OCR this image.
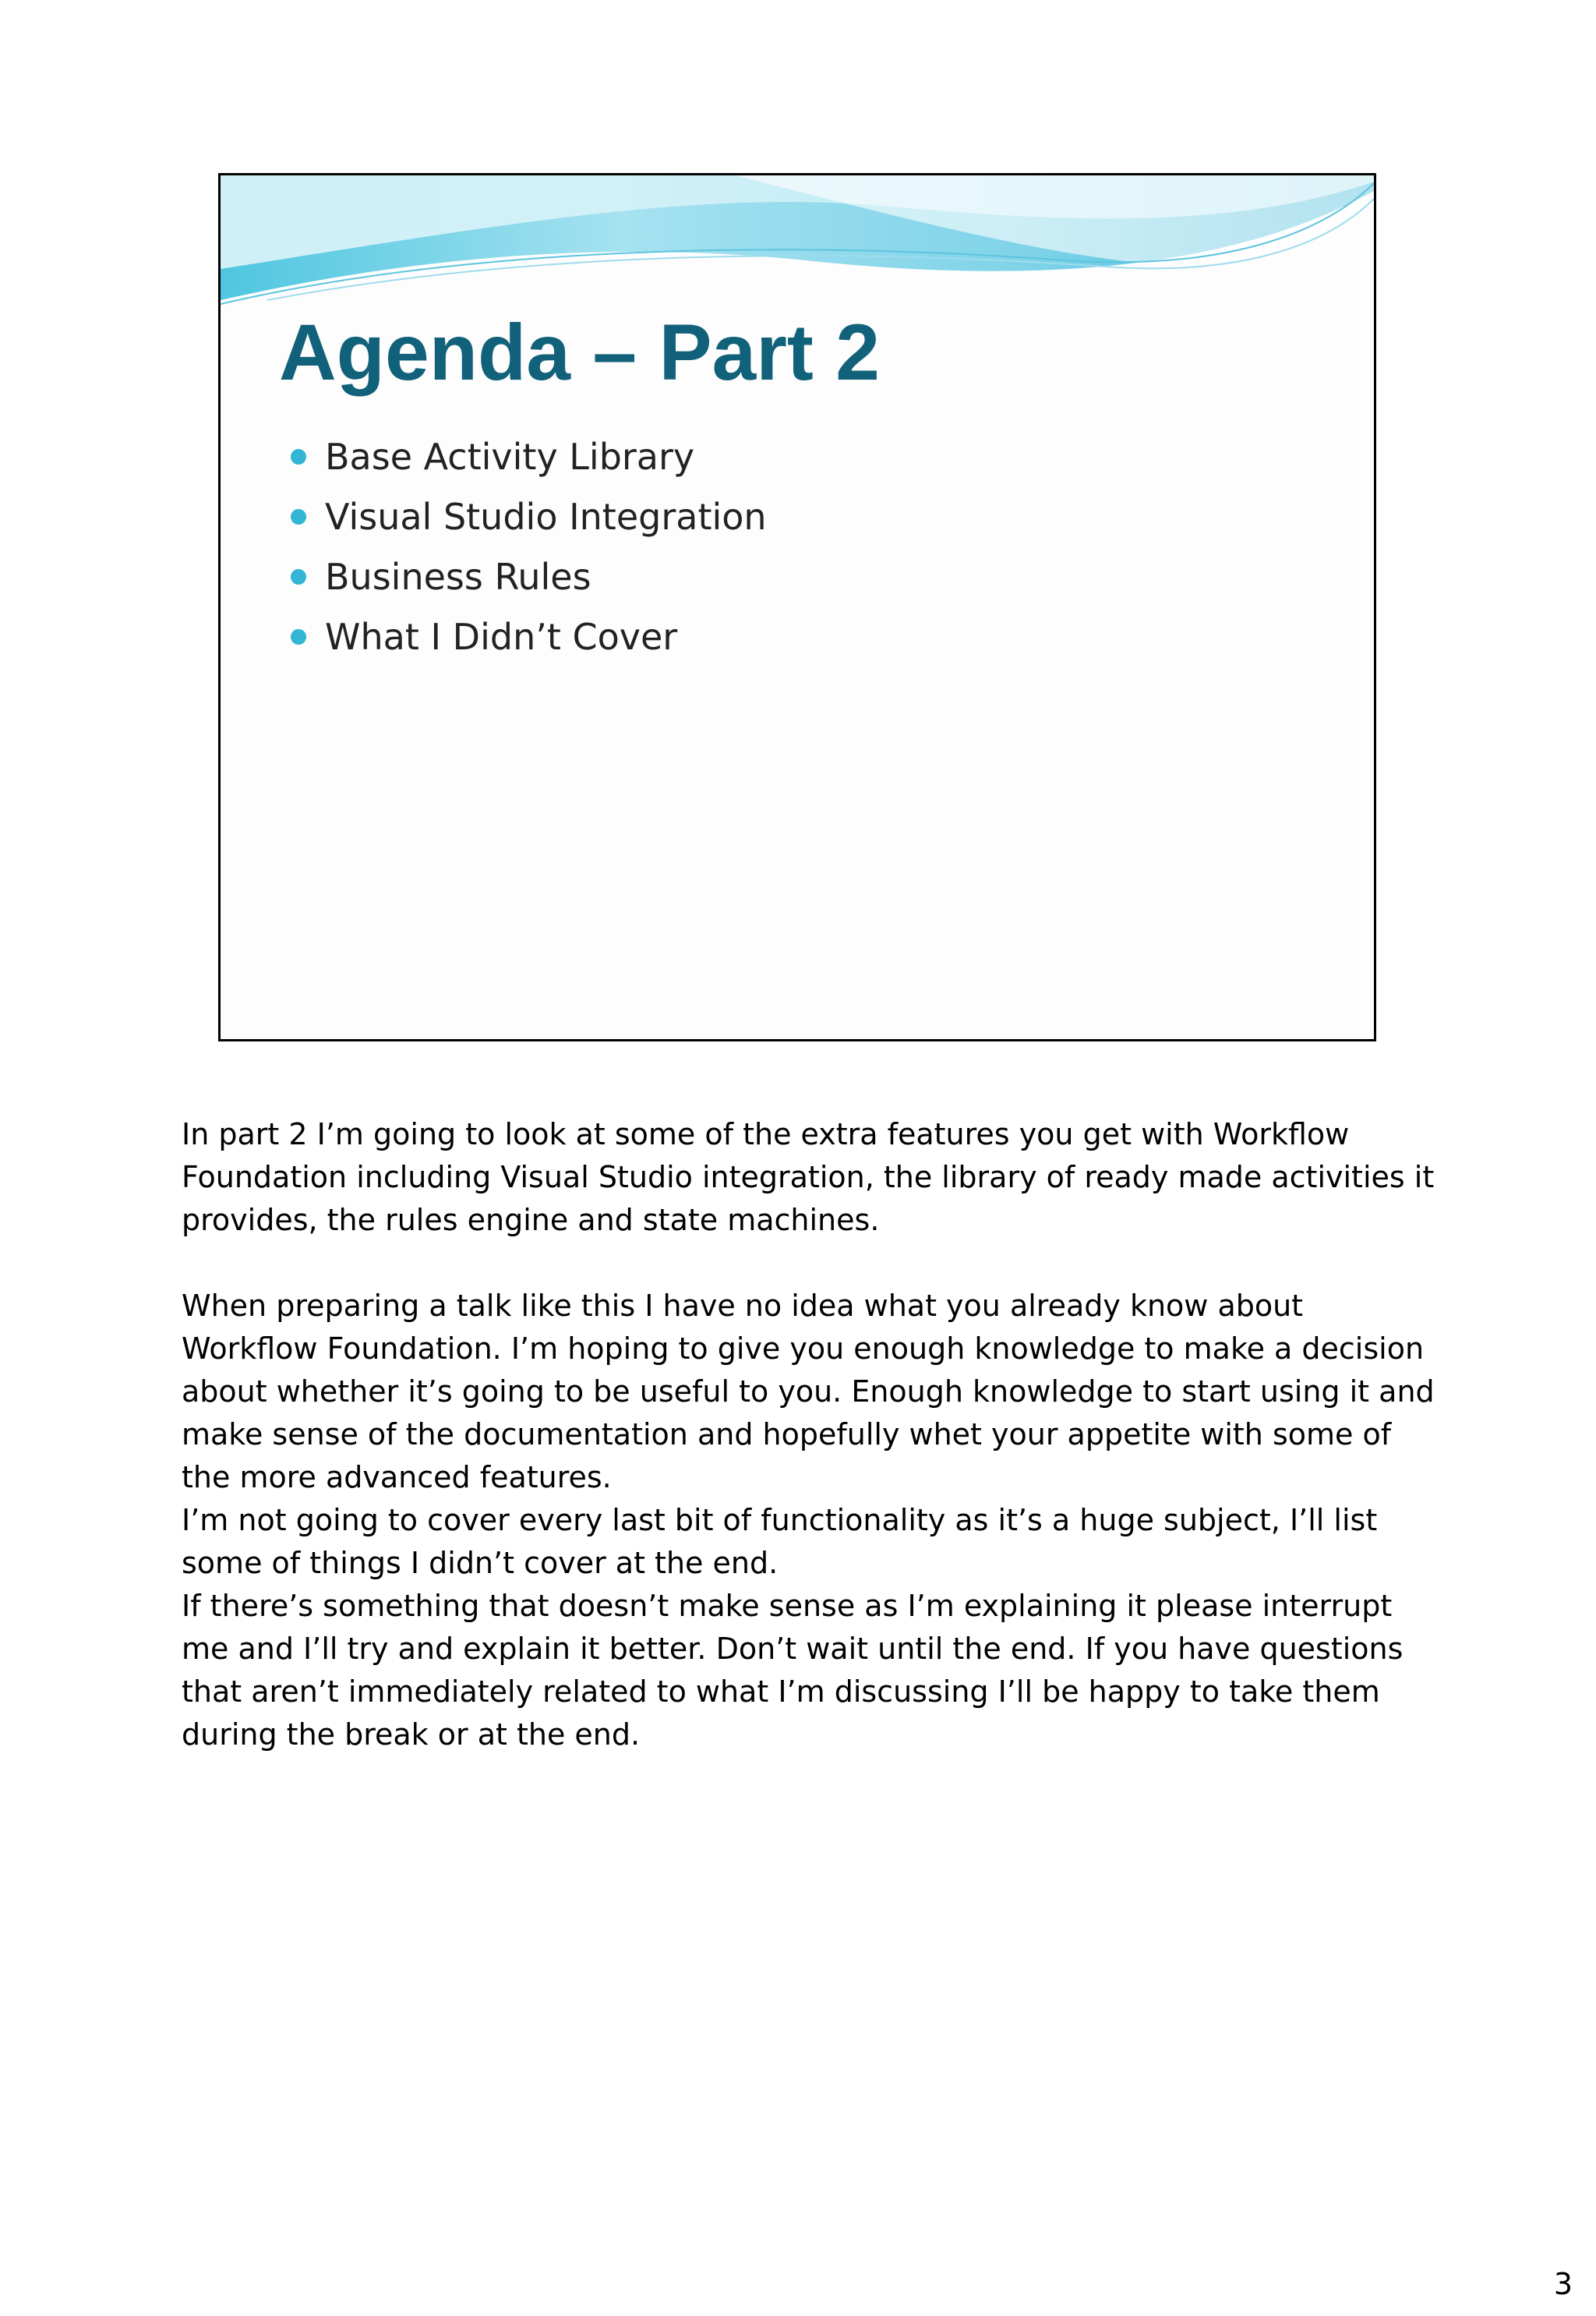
Agenda – Part 2
Base Activity Library
Visual Studio Integration
Business Rules
What I Didn’t Cover

In part 2 I’m going to look at some of the extra features you get with Workflow Foundation including Visual Studio integration, the library of ready made activities it provides, the rules engine and state machines.

When preparing a talk like this I have no idea what you already know about Workflow Foundation. I’m hoping to give you enough knowledge to make a decision about whether it’s going to be useful to you. Enough knowledge to start using it and make sense of the documentation and hopefully whet your appetite with some of the more advanced features.

I’m not going to cover every last bit of functionality as it’s a huge subject, I’ll list some of things I didn’t cover at the end.

If there’s something that doesn’t make sense as I’m explaining it please interrupt me and I’ll try and explain it better. Don’t wait until the end. If you have questions that aren’t immediately related to what I’m discussing I’ll be happy to take them during the break or at the end.

3
